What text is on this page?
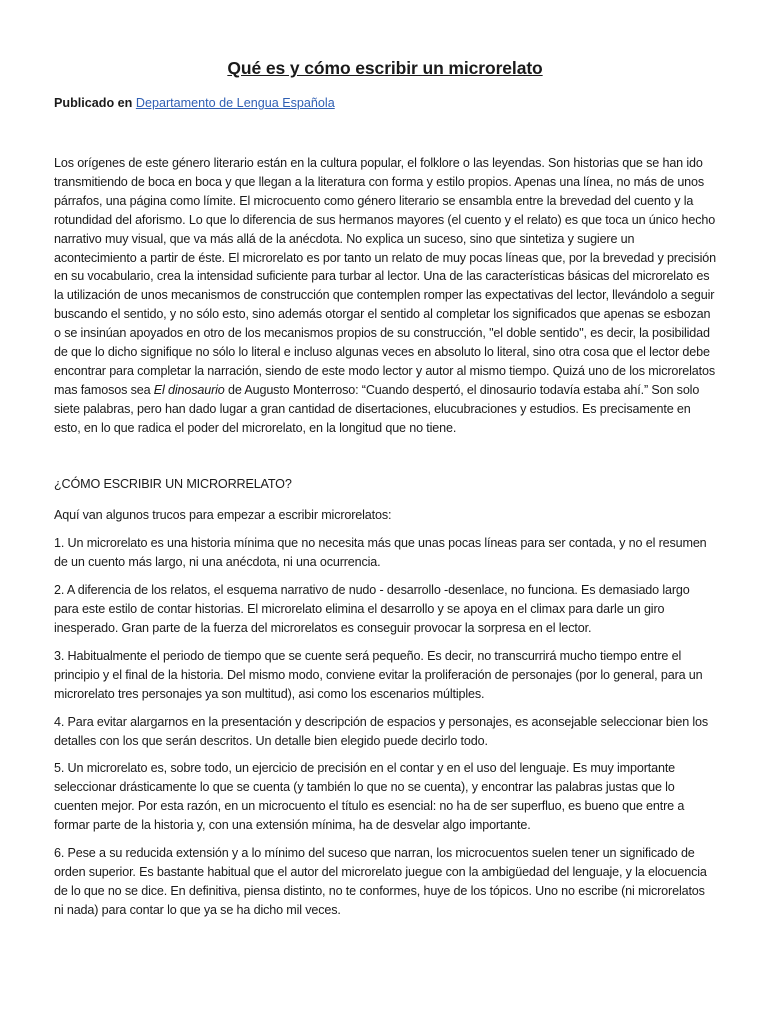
Qué es y cómo escribir un microrelato

Publicado en Departamento de Lengua Española

Los orígenes de este género literario están en la cultura popular, el folklore o las leyendas. Son historias que se han ido transmitiendo de boca en boca y que llegan a la literatura con forma y estilo propios. Apenas una línea, no más de unos párrafos, una página como límite. El microcuento como género literario se ensambla entre la brevedad del cuento y la rotundidad del aforismo. Lo que lo diferencia de sus hermanos mayores (el cuento y el relato) es que toca un único hecho narrativo muy visual, que va más allá de la anécdota. No explica un suceso, sino que sintetiza y sugiere un acontecimiento a partir de éste. El microrelato es por tanto un relato de muy pocas líneas que, por la brevedad y precisión en su vocabulario, crea la intensidad suficiente para turbar al lector. Una de las características básicas del microrelato es la utilización de unos mecanismos de construcción que contemplen romper las expectativas del lector, llevándolo a seguir buscando el sentido, y no sólo esto, sino además otorgar el sentido al completar los significados que apenas se esbozan o se insinúan apoyados en otro de los mecanismos propios de su construcción, "el doble sentido", es decir, la posibilidad de que lo dicho signifique no sólo lo literal e incluso algunas veces en absoluto lo literal, sino otra cosa que el lector debe encontrar para completar la narración, siendo de este modo lector y autor al mismo tiempo. Quizá uno de los microrelatos mas famosos sea El dinosaurio de Augusto Monterroso: “Cuando despertó, el dinosaurio todavía estaba ahí.” Son solo siete palabras, pero han dado lugar a gran cantidad de disertaciones, elucubraciones y estudios. Es precisamente en esto, en lo que radica el poder del microrelato, en la longitud que no tiene.

¿CÓMO ESCRIBIR UN MICRORRELATO?

Aquí van algunos trucos para empezar a escribir microrelatos:

1. Un microrelato es una historia mínima que no necesita más que unas pocas líneas para ser contada, y no el resumen de un cuento más largo, ni una anécdota, ni una ocurrencia.

2. A diferencia de los relatos, el esquema narrativo de nudo - desarrollo -desenlace, no funciona. Es demasiado largo para este estilo de contar historias. El microrelato elimina el desarrollo y se apoya en el climax para darle un giro inesperado. Gran parte de la fuerza del microrelatos es conseguir provocar la sorpresa en el lector.

3. Habitualmente el periodo de tiempo que se cuente será pequeño. Es decir, no transcurrirá mucho tiempo entre el principio y el final de la historia. Del mismo modo, conviene evitar la proliferación de personajes (por lo general, para un microrelato tres personajes ya son multitud), asi como los escenarios múltiples.

4. Para evitar alargarnos en la presentación y descripción de espacios y personajes, es aconsejable seleccionar bien los detalles con los que serán descritos. Un detalle bien elegido puede decirlo todo.

5. Un microrelato es, sobre todo, un ejercicio de precisión en el contar y en el uso del lenguaje. Es muy importante seleccionar drásticamente lo que se cuenta (y también lo que no se cuenta), y encontrar las palabras justas que lo cuenten mejor. Por esta razón, en un microcuento el título es esencial: no ha de ser superfluo, es bueno que entre a formar parte de la historia y, con una extensión mínima, ha de desvelar algo importante.

6. Pese a su reducida extensión y a lo mínimo del suceso que narran, los microcuentos suelen tener un significado de orden superior. Es bastante habitual que el autor del microrelato juegue con la ambigüedad del lenguaje, y la elocuencia de lo que no se dice. En definitiva, piensa distinto, no te conformes, huye de los tópicos. Uno no escribe (ni microrelatos ni nada) para contar lo que ya se ha dicho mil veces.
